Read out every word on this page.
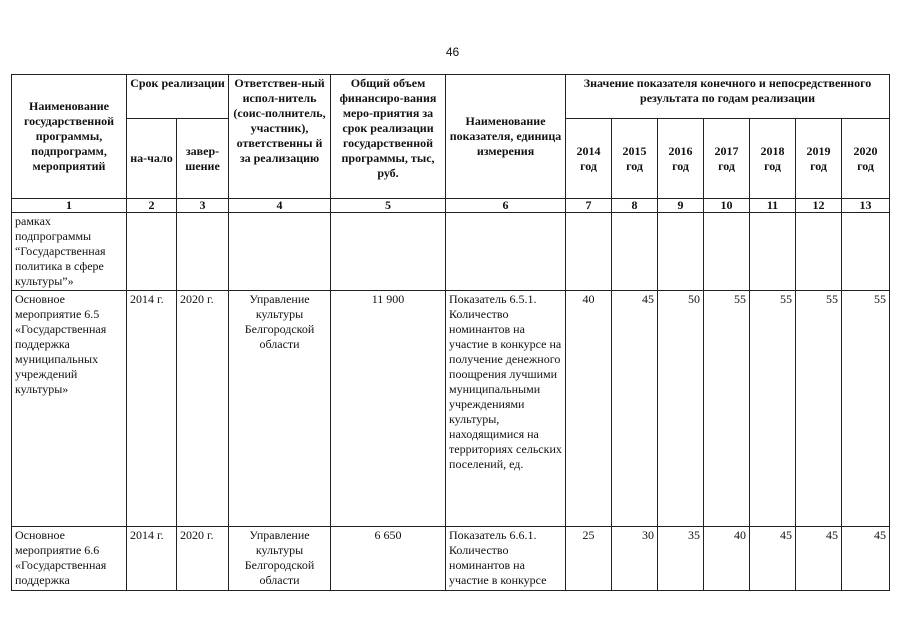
46
Наименование государственной программы, подпрограмм, мероприятий	Срок реализации		Ответствен-ный испол-нитель (соис-полнитель, участник), ответственны й за реализацию	Общий объем финансиро-вания меро-приятия за срок реализации государственной программы, тыс, руб.	Наименование показателя, единица измерения	Значение показателя конечного и непосредственного результата по годам реализации						
	на-чало	завер-шение				2014 год	2015 год	2016 год	2017 год	2018 год	2019 год	2020 год
1	2	3	4	5	6	7	8	9	10	11	12	13
рамках подпрограммы “Государственная политика в сфере культуры”»												
Основное мероприятие 6.5 «Государственная поддержка муниципальных учреждений культуры»	2014 г.	2020 г.	Управление культуры Белгородской области	11 900	Показатель 6.5.1. Количество номинантов на участие в конкурсе на получение денежного поощрения лучшими муниципальными учреждениями культуры, находящимися на территориях сельских поселений, ед.	40	45	50	55	55	55	55
Основное мероприятие 6.6 «Государственная поддержка	2014 г.	2020 г.	Управление культуры Белгородской области	6 650	Показатель 6.6.1. Количество номинантов на участие в конкурсе	25	30	35	40	45	45	45
